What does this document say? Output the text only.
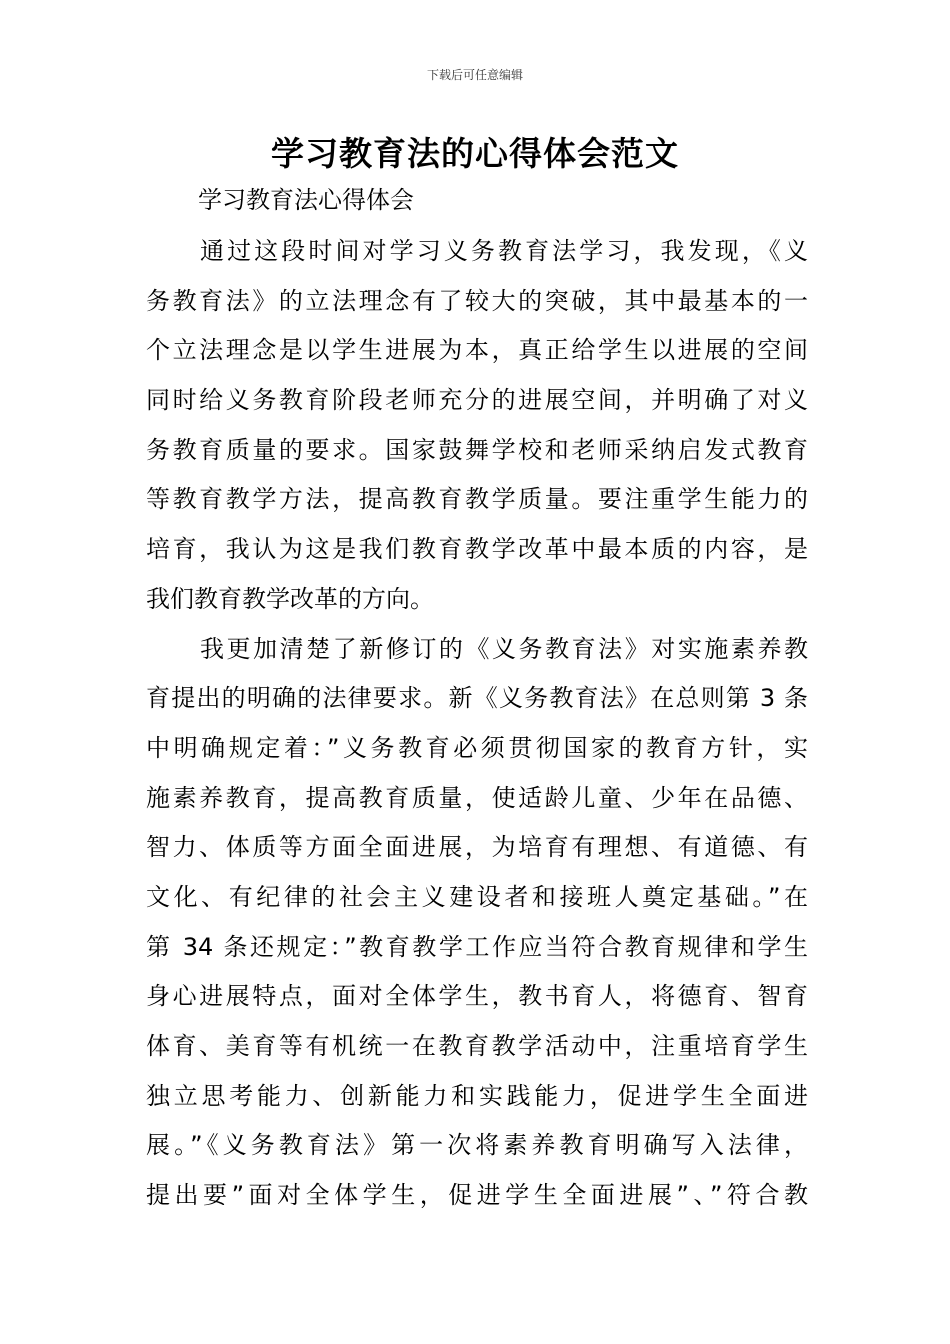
下载后可任意编辑
学习教育法的心得体会范文
学习教育法心得体会
通过这段时间对学习义务教育法学习，我发现，《义
务教育法》的立法理念有了较大的突破，其中最基本的一
个立法理念是以学生进展为本，真正给学生以进展的空间
同时给义务教育阶段老师充分的进展空间，并明确了对义
务教育质量的要求。国家鼓舞学校和老师采纳启发式教育
等教育教学方法，提高教育教学质量。要注重学生能力的
培育，我认为这是我们教育教学改革中最本质的内容，是
我们教育教学改革的方向。
我更加清楚了新修订的《义务教育法》对实施素养教
育提出的明确的法律要求。新《义务教育法》在总则第 3 条
中明确规定着：”义务教育必须贯彻国家的教育方针，实
施素养教育，提高教育质量，使适龄儿童、少年在品德、
智力、体质等方面全面进展，为培育有理想、有道德、有
文化、有纪律的社会主义建设者和接班人奠定基础。”在
第 34 条还规定：”教育教学工作应当符合教育规律和学生
身心进展特点，面对全体学生，教书育人，将德育、智育
体育、美育等有机统一在教育教学活动中，注重培育学生
独立思考能力、创新能力和实践能力，促进学生全面进
展。”《义务教育法》第一次将素养教育明确写入法律，
提出要”面对全体学生，促进学生全面进展”、”符合教
